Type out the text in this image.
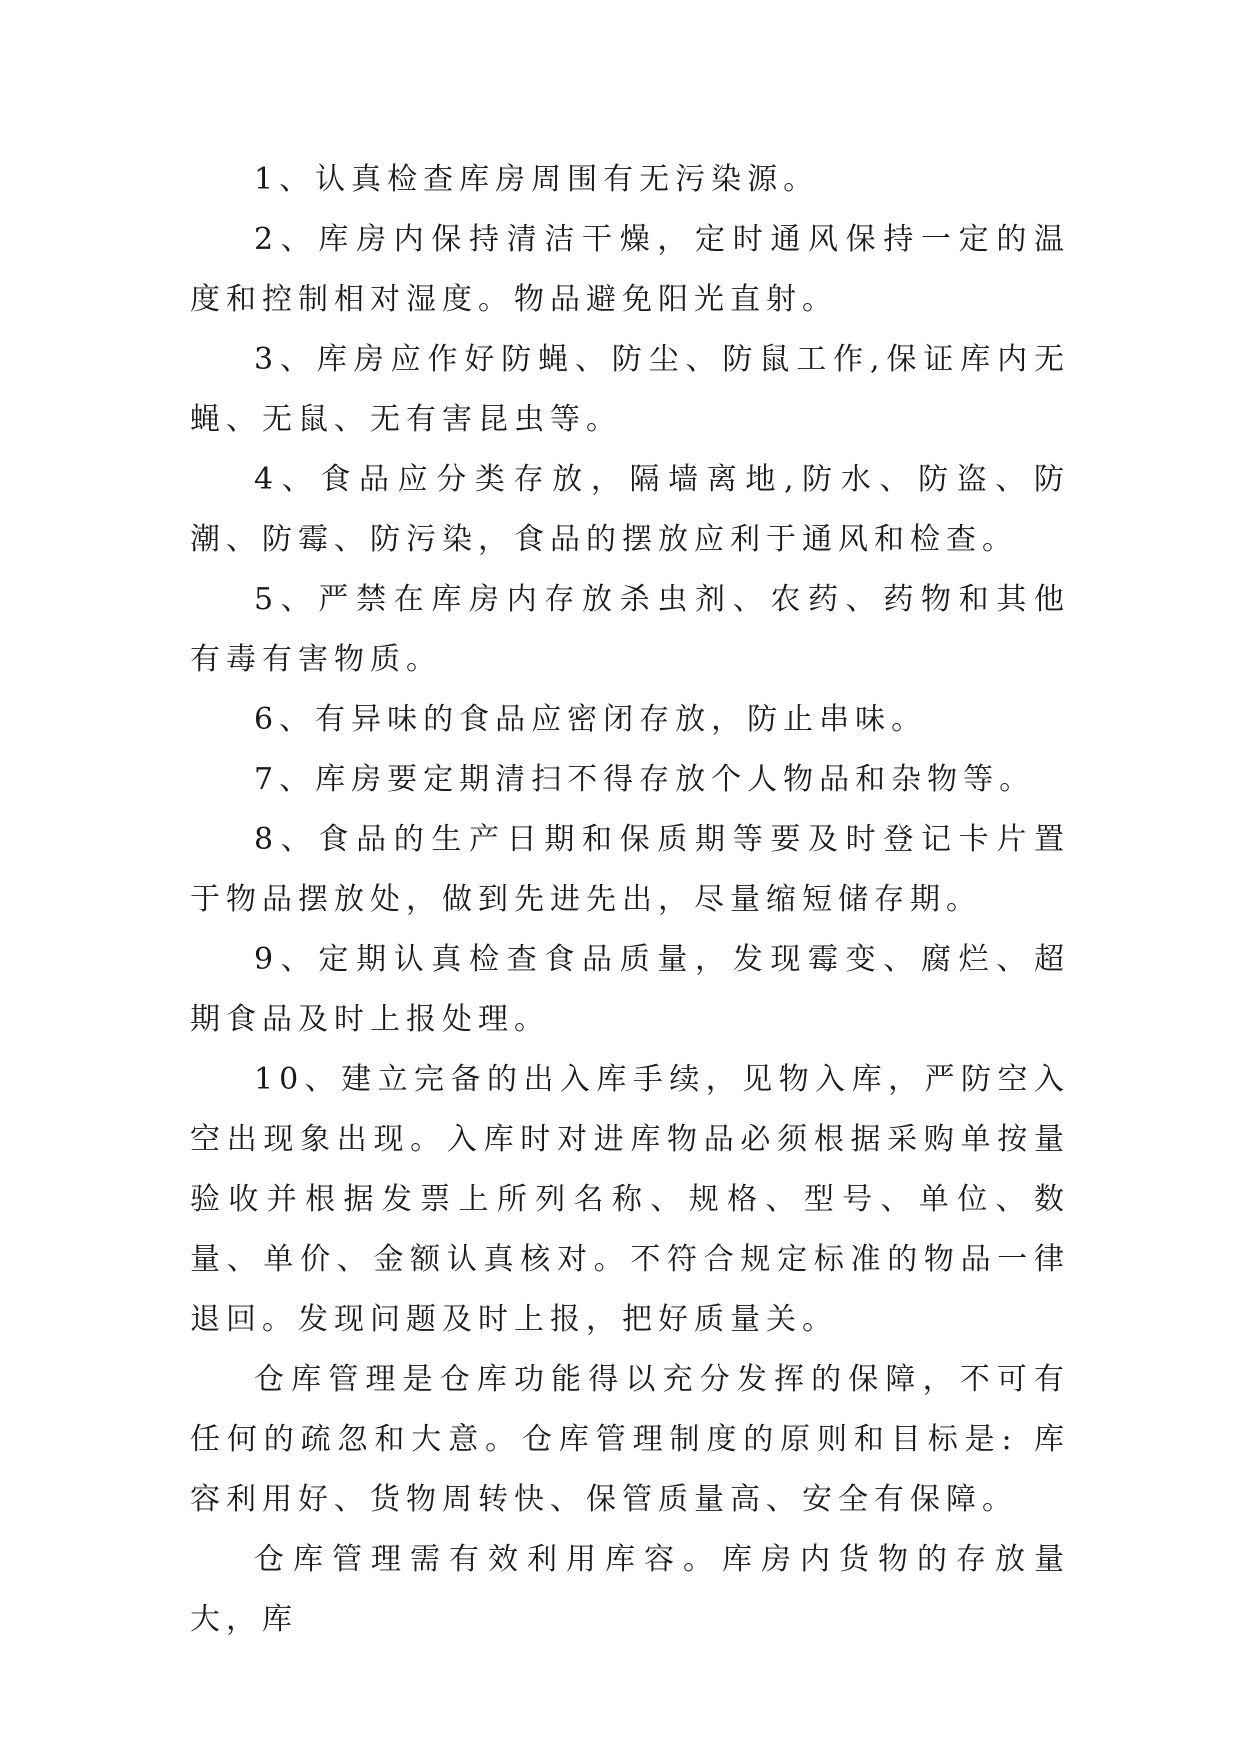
1、认真检查库房周围有无污染源。

2、库房内保持清洁干燥，定时通风保持一定的温度和控制相对湿度。物品避免阳光直射。

3、库房应作好防蝇、防尘、防鼠工作,保证库内无蝇、无鼠、无有害昆虫等。

4、食品应分类存放，隔墙离地,防水、防盗、防潮、防霉、防污染，食品的摆放应利于通风和检查。

5、严禁在库房内存放杀虫剂、农药、药物和其他有毒有害物质。

6、有异味的食品应密闭存放，防止串味。

7、库房要定期清扫不得存放个人物品和杂物等。

8、食品的生产日期和保质期等要及时登记卡片置于物品摆放处，做到先进先出，尽量缩短储存期。

9、定期认真检查食品质量，发现霉变、腐烂、超期食品及时上报处理。

10、建立完备的出入库手续，见物入库，严防空入空出现象出现。入库时对进库物品必须根据采购单按量验收并根据发票上所列名称、规格、型号、单位、数量、单价、金额认真核对。不符合规定标准的物品一律退回。发现问题及时上报，把好质量关。

仓库管理是仓库功能得以充分发挥的保障，不可有任何的疏忽和大意。仓库管理制度的原则和目标是: 库容利用好、货物周转快、保管质量高、安全有保障。

仓库管理需有效利用库容。库房内货物的存放量大，库
